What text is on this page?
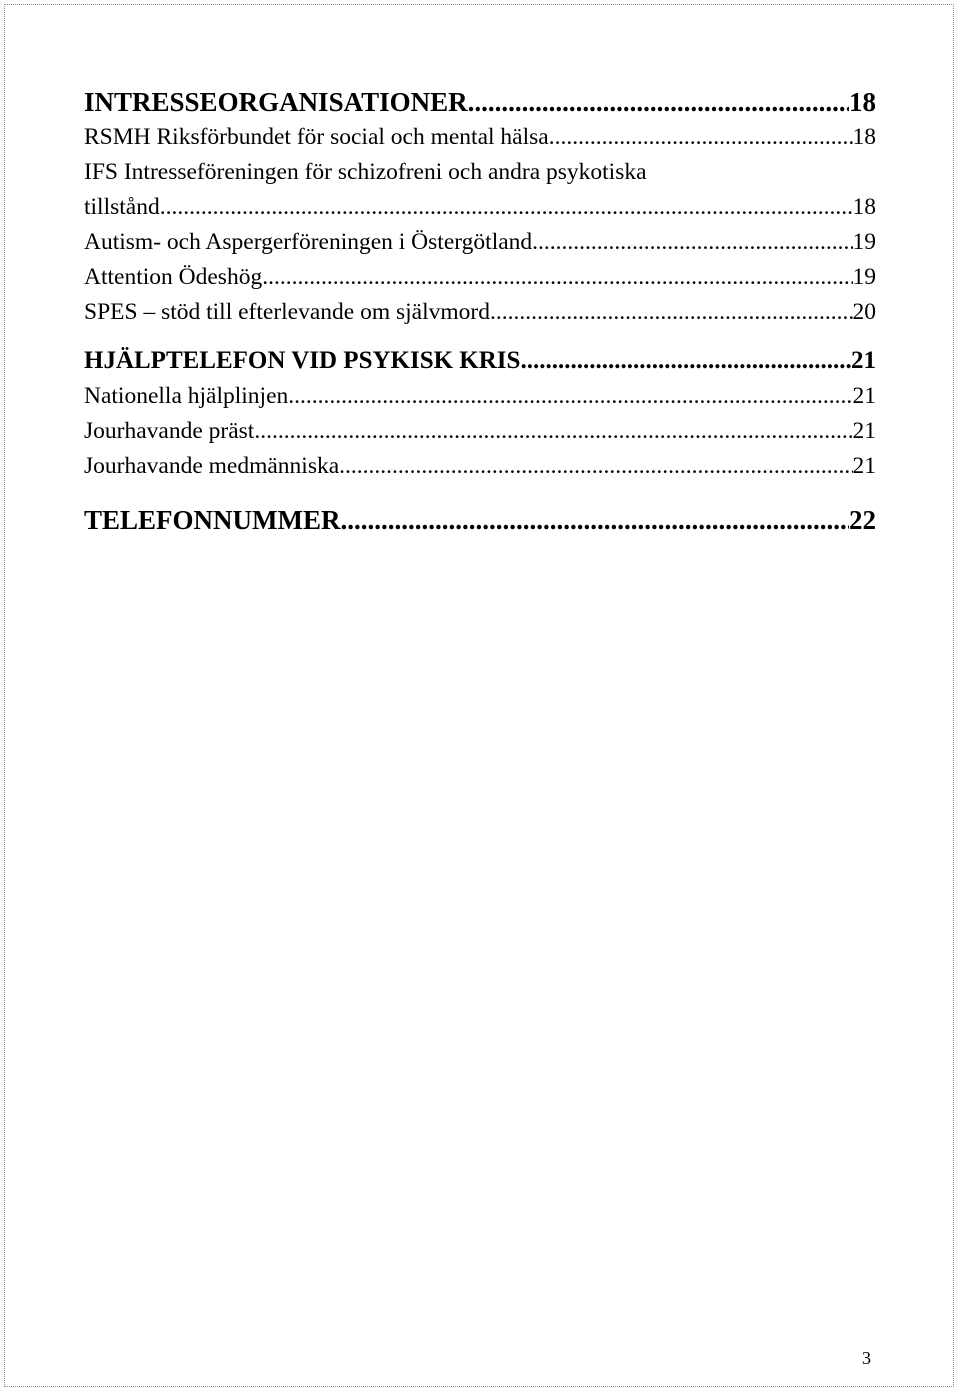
INTRESSEORGANISATIONER .....	18
RSMH Riksförbundet för social och mental hälsa .....	18
IFS Intresseföreningen för schizofreni och andra psykotiska
tillstånd .....	18
Autism- och Aspergerföreningen i Östergötland .....	19
Attention Ödeshög .....	19
SPES – stöd till efterlevande om självmord .....	20
HJÄLPTELEFON VID PSYKISK KRIS .....	21
Nationella hjälplinjen .....	21
Jourhavande präst .....	21
Jourhavande medmänniska .....	21
TELEFONNUMMER .....	22
3
